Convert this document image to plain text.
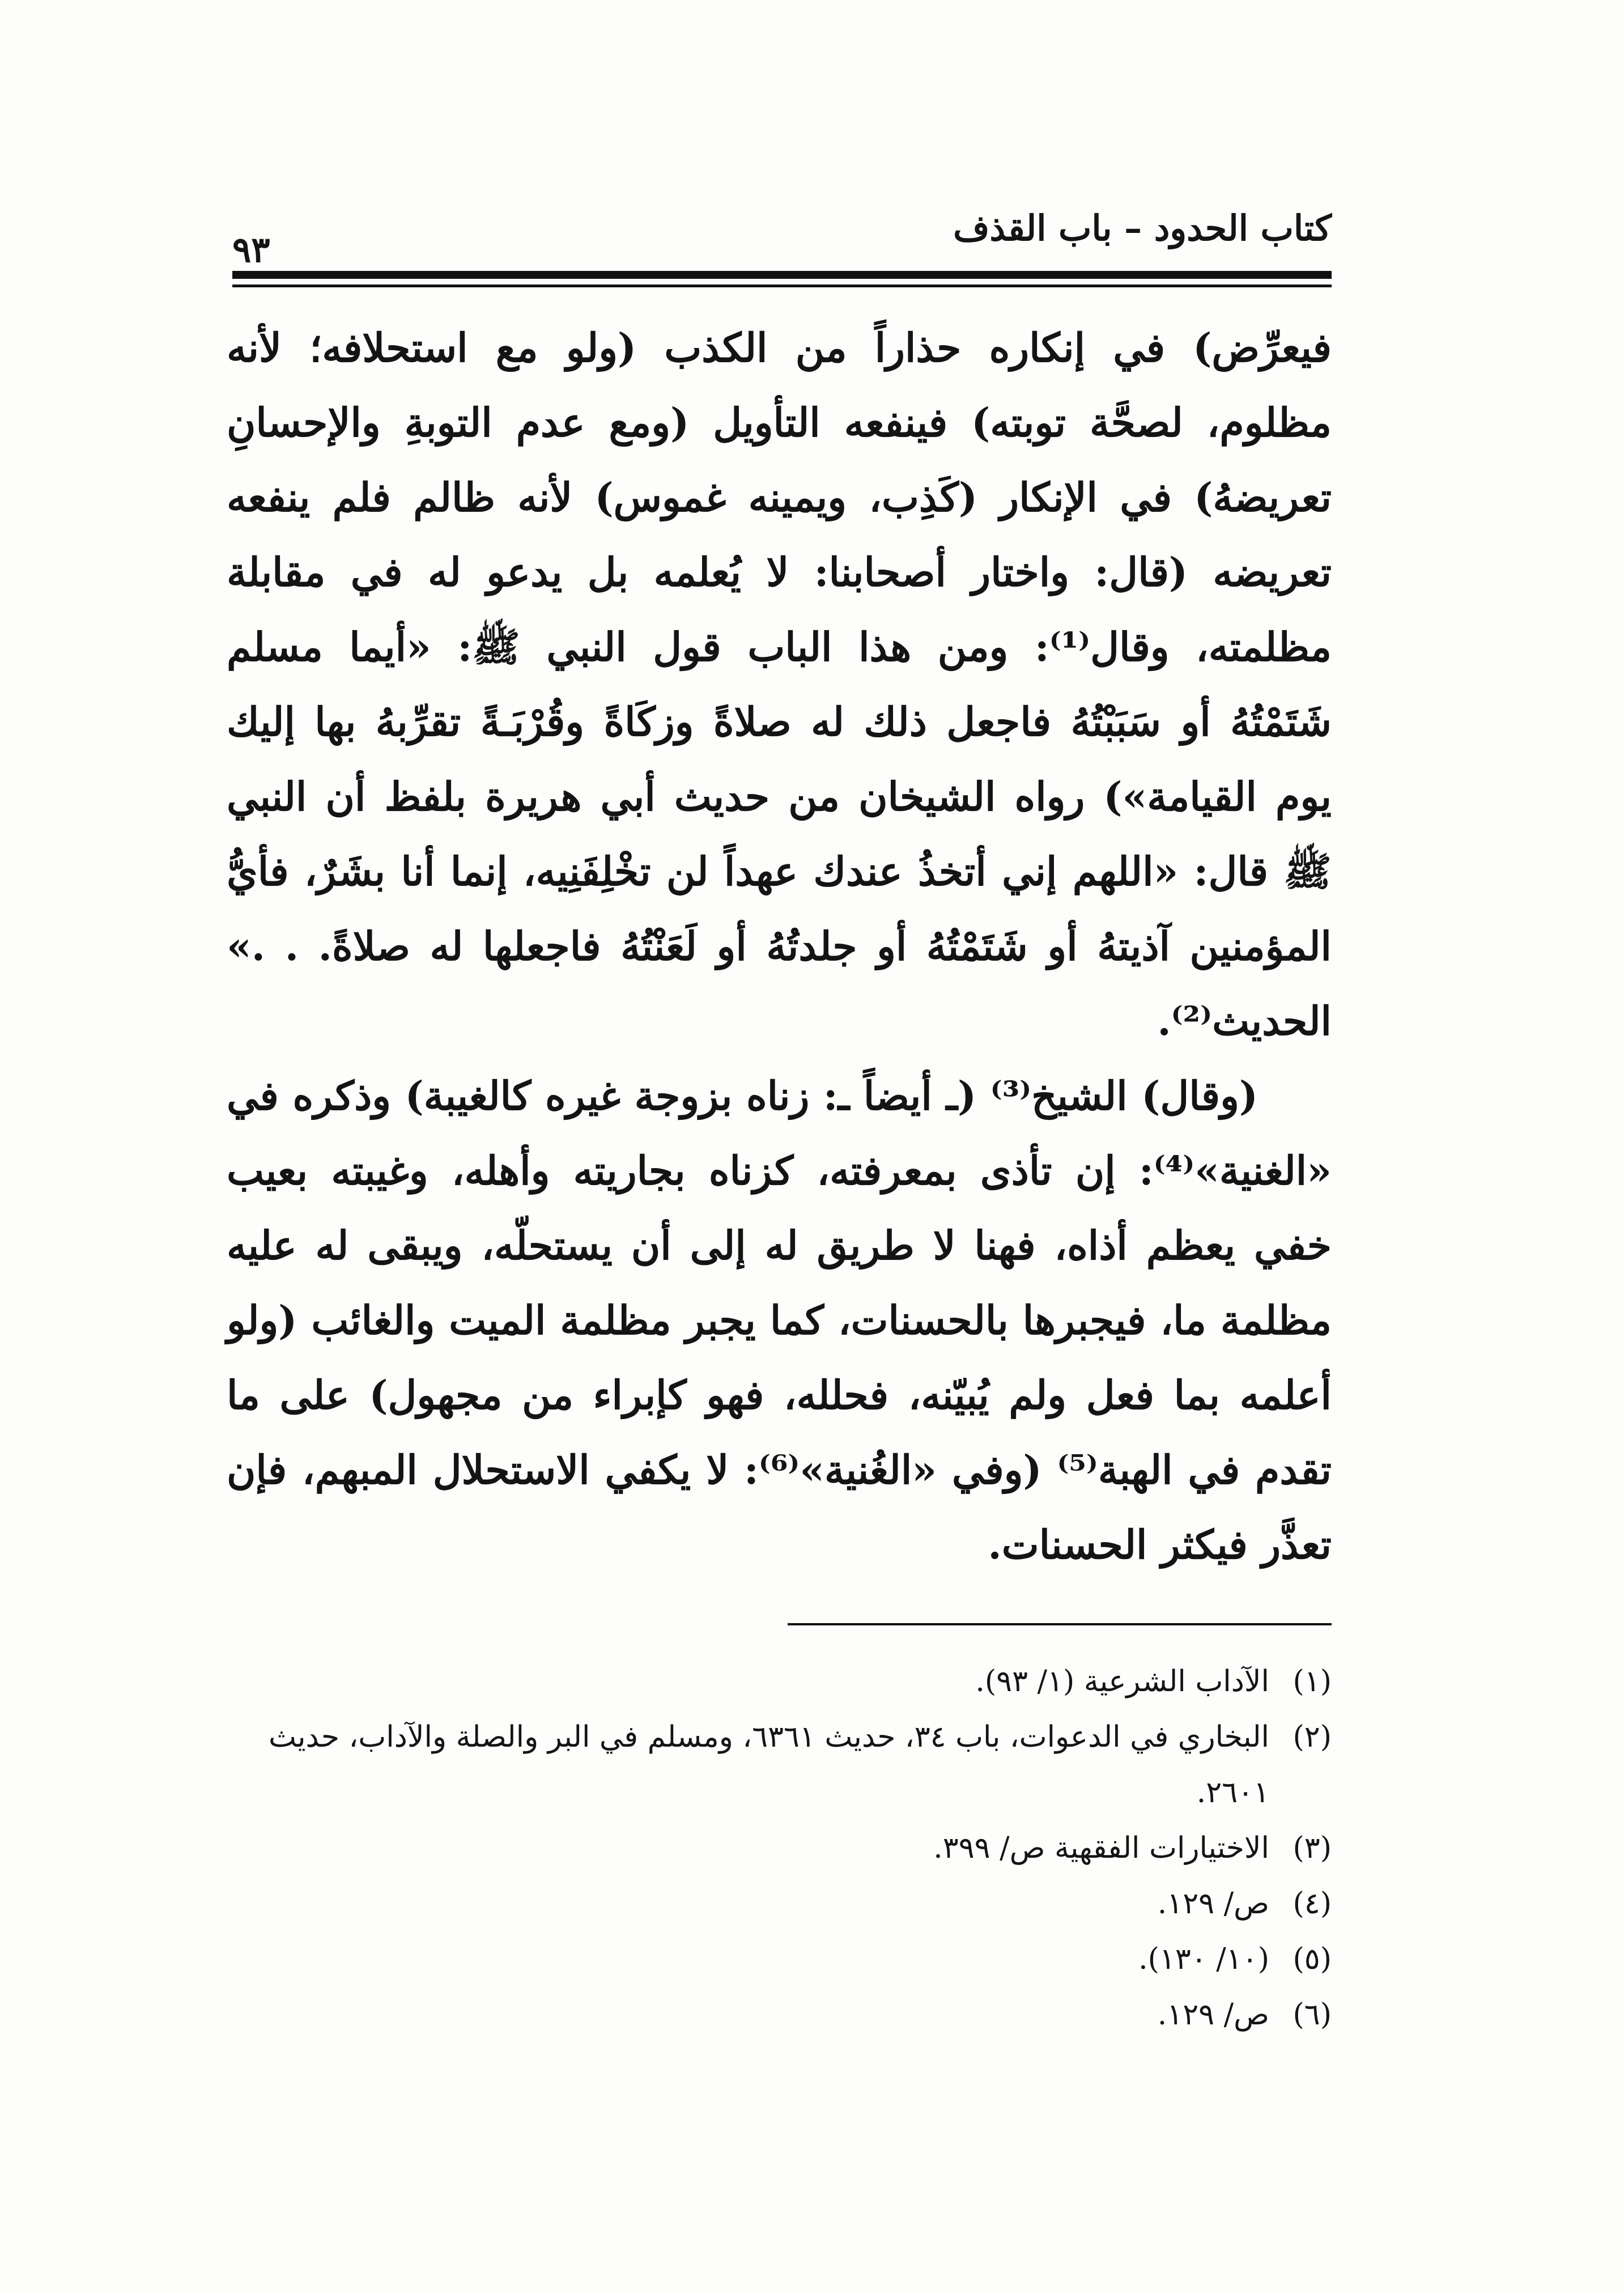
كتاب الحدود – باب القذف
٩٣

فيعرِّض) في إنكاره حذاراً من الكذب (ولو مع استحلافه؛ لأنه مظلوم، لصحَّة توبته) فينفعه التأويل (ومع عدم التوبةِ والإحسانِ تعريضهُ) في الإنكار (كَذِب، ويمينه غموس) لأنه ظالم فلم ينفعه تعريضه (قال: واختار أصحابنا: لا يُعلمه بل يدعو له في مقابلة مظلمته، وقال⁽¹⁾: ومن هذا الباب قول النبي ﷺ: «أيما مسلم شَتَمْتُهُ أو سَبَبْتُهُ فاجعل ذلك له صلاةً وزكَاةً وقُرْبَـةً تقرِّبهُ بها إليك يوم القيامة») رواه الشيخان من حديث أبي هريرة بلفظ أن النبي ﷺ قال: «اللهم إني أتخذُ عندك عهداً لن تخْلِفَنِيه، إنما أنا بشَرٌ، فأيُّ المؤمنين آذيتهُ أو شَتَمْتُهُ أو جلدتُهُ أو لَعَنْتُهُ فاجعلها له صلاةً. . .» الحديث⁽²⁾.

(وقال) الشيخ⁽³⁾ (ـ أيضاً ـ: زناه بزوجة غيره كالغيبة) وذكره في «الغنية»⁽⁴⁾: إن تأذى بمعرفته، كزناه بجاريته وأهله، وغيبته بعيب خفي يعظم أذاه، فهنا لا طريق له إلى أن يستحلّه، ويبقى له عليه مظلمة ما، فيجبرها بالحسنات، كما يجبر مظلمة الميت والغائب (ولو أعلمه بما فعل ولم يُبيّنه، فحلله، فهو كإبراء من مجهول) على ما تقدم في الهبة⁽⁵⁾ (وفي «الغُنية»⁽⁶⁾: لا يكفي الاستحلال المبهم، فإن تعذَّر فيكثر الحسنات.

(١)
الآداب الشرعية (١/ ٩٣).
(٢)
البخاري في الدعوات، باب ٣٤، حديث ٦٣٦١، ومسلم في البر والصلة والآداب، حديث ٢٦٠١.
(٣)
الاختيارات الفقهية ص/ ٣٩٩.
(٤)
ص/ ١٢٩.
(٥)
(١٠/ ١٣٠).
(٦)
ص/ ١٢٩.
